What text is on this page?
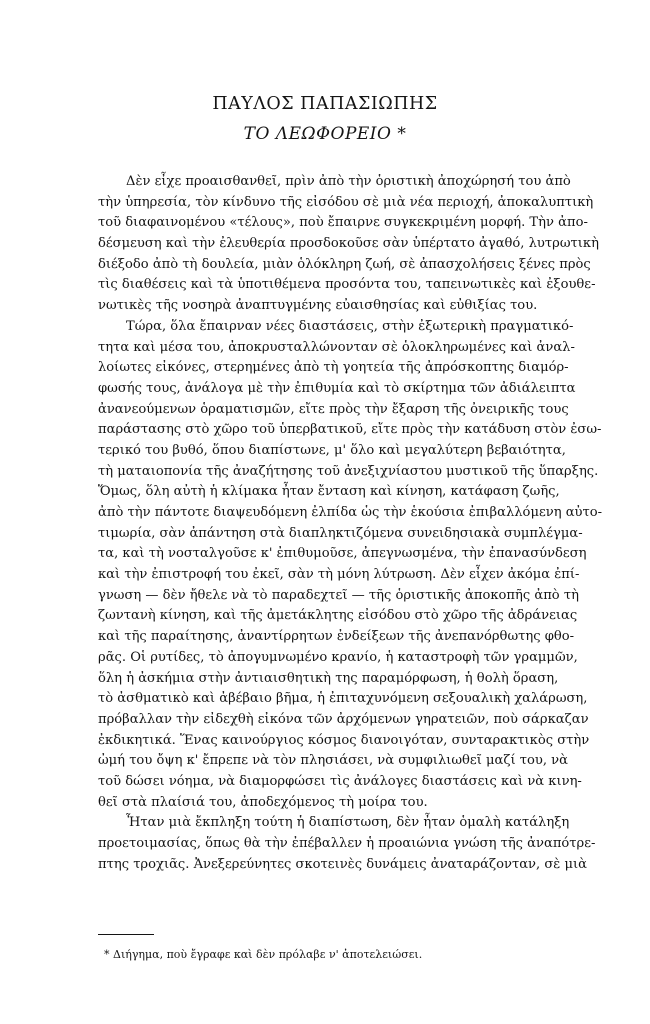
ΠΑΥΛΟΣ ΠΑΠΑΣΙΩΠΗΣ
ΤΟ ΛΕΩΦΟΡΕΙΟ *

Δὲν εἶχε προαισθανθεῖ, πρὶν ἀπὸ τὴν ὁριστικὴ ἀποχώρησή του ἀπὸ
τὴν ὑπηρεσία, τὸν κίνδυνο τῆς εἰσόδου σὲ μιὰ νέα περιοχή, ἀποκαλυπτικὴ
τοῦ διαφαινομένου «τέλους», ποὺ ἔπαιρνε συγκεκριμένη μορφή. Τὴν ἀπο-
δέσμευση καὶ τὴν ἐλευθερία προσδοκοῦσε σὰν ὑπέρτατο ἀγαθό, λυτρωτικὴ
διέξοδο ἀπὸ τὴ δουλεία, μιὰν ὁλόκληρη ζωή, σὲ ἀπασχολήσεις ξένες πρὸς
τὶς διαθέσεις καὶ τὰ ὑποτιθέμενα προσόντα του, ταπεινωτικὲς καὶ ἐξουθε-
νωτικὲς τῆς νοσηρὰ ἀναπτυγμένης εὐαισθησίας καὶ εὐθιξίας του.

Τώρα, ὅλα ἔπαιρναν νέες διαστάσεις, στὴν ἐξωτερικὴ πραγματικό-
τητα καὶ μέσα του, ἀποκρυσταλλώνονταν σὲ ὁλοκληρωμένες καὶ ἀναλ-
λοίωτες εἰκόνες, στερημένες ἀπὸ τὴ γοητεία τῆς ἀπρόσκοπτης διαμόρ-
φωσής τους, ἀνάλογα μὲ τὴν ἐπιθυμία καὶ τὸ σκίρτημα τῶν ἀδιάλειπτα
ἀνανεούμενων ὁραματισμῶν, εἴτε πρὸς τὴν ἔξαρση τῆς ὀνειρικῆς τους
παράστασης στὸ χῶρο τοῦ ὑπερβατικοῦ, εἴτε πρὸς τὴν κατάδυση στὸν ἐσω-
τερικό του βυθό, ὅπου διαπίστωνε, μ' ὅλο καὶ μεγαλύτερη βεβαιότητα,
τὴ ματαιοπονία τῆς ἀναζήτησης τοῦ ἀνεξιχνίαστου μυστικοῦ τῆς ὕπαρξης.
Ὅμως, ὅλη αὐτὴ ἡ κλίμακα ἦταν ἔνταση καὶ κίνηση, κατάφαση ζωῆς,
ἀπὸ τὴν πάντοτε διαψευδόμενη ἐλπίδα ὡς τὴν ἑκούσια ἐπιβαλλόμενη αὐτο-
τιμωρία, σὰν ἀπάντηση στὰ διαπληκτιζόμενα συνειδησιακὰ συμπλέγμα-
τα, καὶ τὴ νοσταλγοῦσε κ' ἐπιθυμοῦσε, ἀπεγνωσμένα, τὴν ἐπανασύνδεση
καὶ τὴν ἐπιστροφή του ἐκεῖ, σὰν τὴ μόνη λύτρωση. Δὲν εἶχεν ἀκόμα ἐπί-
γνωση — δὲν ἤθελε νὰ τὸ παραδεχτεῖ — τῆς ὁριστικῆς ἀποκοπῆς ἀπὸ τὴ
ζωντανὴ κίνηση, καὶ τῆς ἀμετάκλητης εἰσόδου στὸ χῶρο τῆς ἀδράνειας
καὶ τῆς παραίτησης, ἀναντίρρητων ἐνδείξεων τῆς ἀνεπανόρθωτης φθο-
ρᾶς. Οἱ ρυτίδες, τὸ ἀπογυμνωμένο κρανίο, ἡ καταστροφὴ τῶν γραμμῶν,
ὅλη ἡ ἀσκήμια στὴν ἀντιαισθητικὴ της παραμόρφωση, ἡ θολὴ ὅραση,
τὸ ἀσθματικὸ καὶ ἀβέβαιο βῆμα, ἡ ἐπιταχυνόμενη σεξουαλικὴ χαλάρωση,
πρόβαλλαν τὴν εἰδεχθὴ εἰκόνα τῶν ἀρχόμενων γηρατειῶν, ποὺ σάρκαζαν
ἐκδικητικά. Ἕνας καινούργιος κόσμος διανοιγόταν, συνταρακτικὸς στὴν
ὠμή του ὄψη κ' ἔπρεπε νὰ τὸν πλησιάσει, νὰ συμφιλιωθεῖ μαζί του, νὰ
τοῦ δώσει νόημα, νὰ διαμορφώσει τὶς ἀνάλογες διαστάσεις καὶ νὰ κινη-
θεῖ στὰ πλαίσιά του, ἀποδεχόμενος τὴ μοίρα του.

Ἦταν μιὰ ἔκπληξη τούτη ἡ διαπίστωση, δὲν ἦταν ὁμαλὴ κατάληξη
προετοιμασίας, ὅπως θὰ τὴν ἐπέβαλλεν ἡ προαιώνια γνώση τῆς ἀναπότρε-
πτης τροχιᾶς. Ἀνεξερεύνητες σκοτεινὲς δυνάμεις ἀναταράζονταν, σὲ μιὰ

* Διήγημα, ποὺ ἔγραφε καὶ δὲν πρόλαβε ν' ἀποτελειώσει.
